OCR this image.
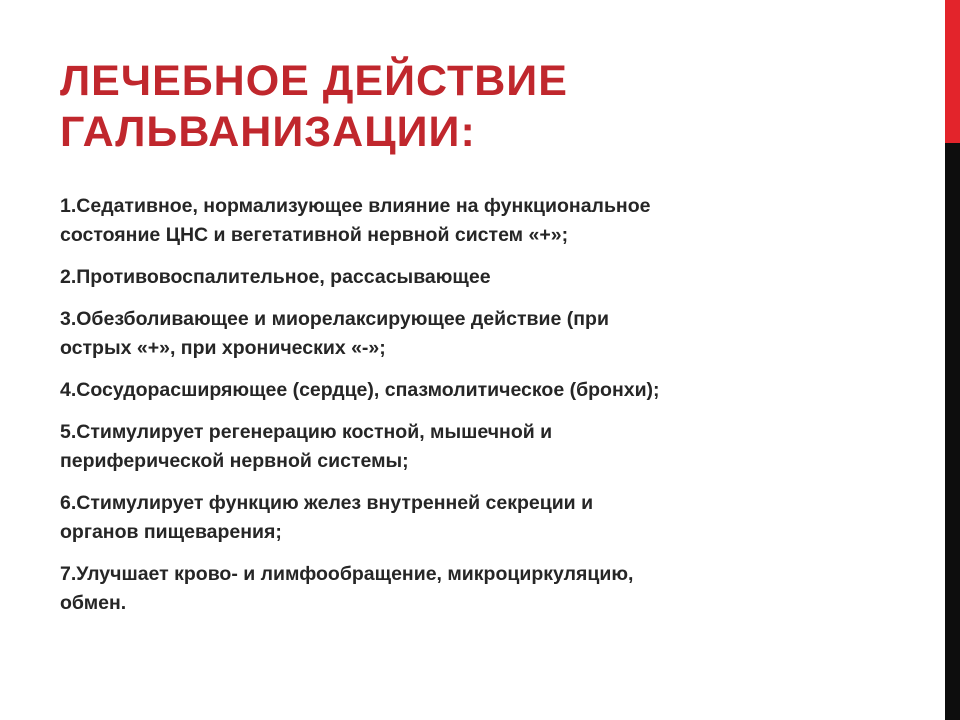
ЛЕЧЕБНОЕ ДЕЙСТВИЕ
ГАЛЬВАНИЗАЦИИ:
1.Седативное, нормализующее влияние на функциональное
состояние ЦНС и вегетативной нервной систем «+»;
2.Противовоспалительное, рассасывающее
3.Обезболивающее и миорелаксирующее действие (при
острых «+», при хронических «-»;
4.Сосудорасширяющее (сердце), спазмолитическое (бронхи);
5.Стимулирует регенерацию костной, мышечной и
периферической нервной системы;
6.Стимулирует функцию желез внутренней секреции и
органов пищеварения;
7.Улучшает крово- и лимфообращение, микроциркуляцию,
обмен.
